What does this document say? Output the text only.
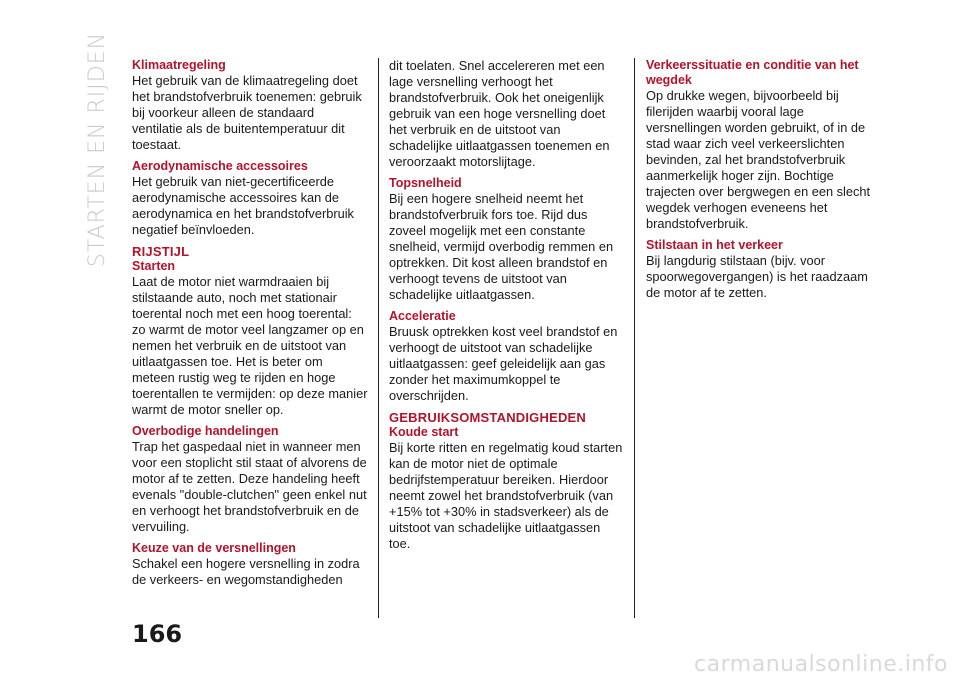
STARTEN EN RIJDEN Klimaatregeling

Het gebruik van de klimaatregeling doet het brandstofverbruik toenemen: gebruik bij voorkeur alleen de standaard ventilatie als de buitentemperatuur dit toestaat.

Aerodynamische accessoires

Het gebruik van niet-gecertificeerde aerodynamische accessoires kan de aerodynamica en het brandstofverbruik negatief beïnvloeden.

RIJSTIJL

Starten

Laat de motor niet warmdraaien bij stilstaande auto, noch met stationair toerental noch met een hoog toerental: zo warmt de motor veel langzamer op en nemen het verbruik en de uitstoot van uitlaatgassen toe. Het is beter om meteen rustig weg te rijden en hoge toerentallen te vermijden: op deze manier warmt de motor sneller op.

Overbodige handelingen

Trap het gaspedaal niet in wanneer men voor een stoplicht stil staat of alvorens de motor af te zetten. Deze handeling heeft evenals "double-clutchen" geen enkel nut en verhoogt het brandstofverbruik en de vervuiling.

Keuze van de versnellingen

Schakel een hogere versnelling in zodra de verkeers- en wegomstandigheden

dit toelaten. Snel accelereren met een lage versnelling verhoogt het brandstofverbruik. Ook het oneigenlijk gebruik van een hoge versnelling doet het verbruik en de uitstoot van schadelijke uitlaatgassen toenemen en veroorzaakt motorslijtage.

Topsnelheid

Bij een hogere snelheid neemt het brandstofverbruik fors toe. Rijd dus zoveel mogelijk met een constante snelheid, vermijd overbodig remmen en optrekken. Dit kost alleen brandstof en verhoogt tevens de uitstoot van schadelijke uitlaatgassen.

Acceleratie

Bruusk optrekken kost veel brandstof en verhoogt de uitstoot van schadelijke uitlaatgassen: geef geleidelijk aan gas zonder het maximumkoppel te overschrijden.

GEBRUIKSOMSTANDIGHEDEN

Koude start

Bij korte ritten en regelmatig koud starten kan de motor niet de optimale bedrijfstemperatuur bereiken. Hierdoor neemt zowel het brandstofverbruik (van +15% tot +30% in stadsverkeer) als de uitstoot van schadelijke uitlaatgassen toe.

Verkeerssituatie en conditie van het wegdek

Op drukke wegen, bijvoorbeeld bij filerijden waarbij vooral lage versnellingen worden gebruikt, of in de stad waar zich veel verkeerslichten bevinden, zal het brandstofverbruik aanmerkelijk hoger zijn. Bochtige trajecten over bergwegen en een slecht wegdek verhogen eveneens het brandstofverbruik.

Stilstaan in het verkeer

Bij langdurig stilstaan (bijv. voor spoorwegovergangen) is het raadzaam de motor af te zetten.

166
carmanualsonline.info
